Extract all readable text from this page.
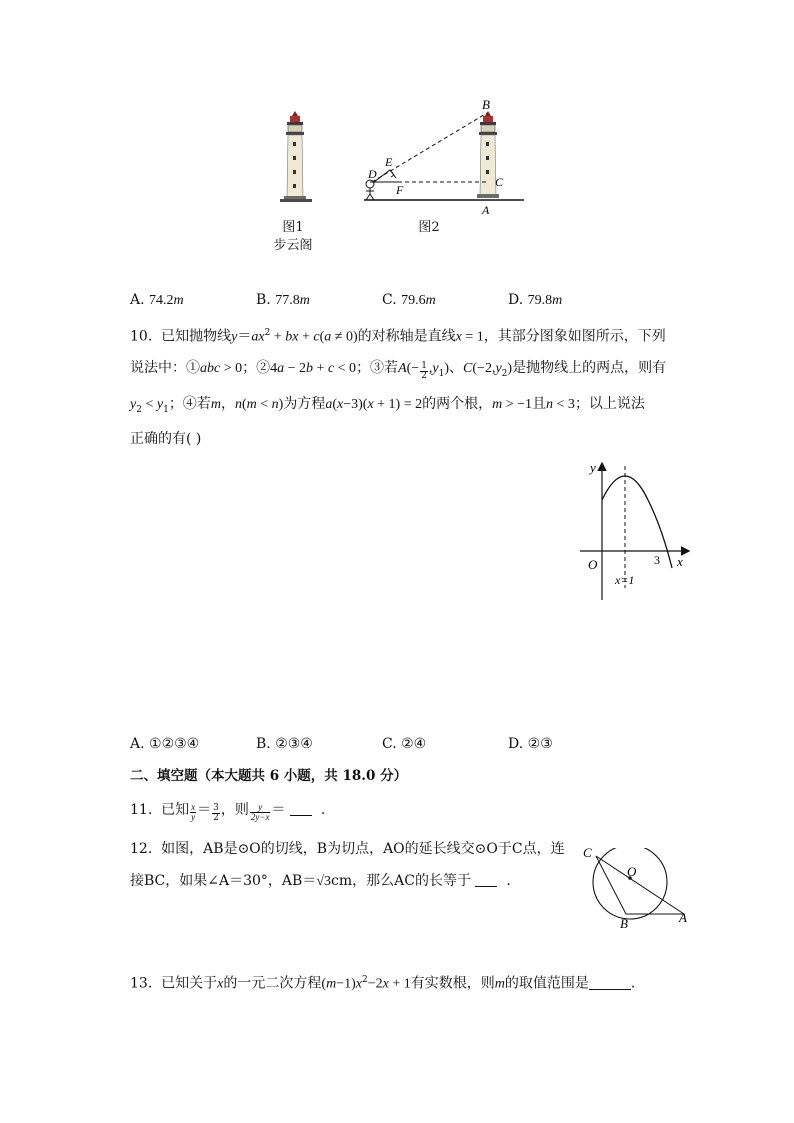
图1
步云阁
B
E
D
F
C
A
图2
A. 74.2m	B. 77.8m	C. 79.6m	D. 79.8m
10. 已知抛物线$y=ax^2$ + bx + c(a ≠ 0)的对称轴是直线x = 1，其部分图象如图所示，下列
说法中：①abc > 0；②4a − 2b + c < 0；③若$A(- \frac{1}{2} ,y_1)$、$C(-2,y_2)$是抛物线上的两点，则有
$y_2 < y_1$；④若m，n(m < n)为方程a(x−3)(x + 1) = 2的两个根，m > −1且n < 3；以上说法
正确的有( )
y
O	x
3
x=1
A. ①②③④	B. ②③④	C. ②④	D. ②③
二、填空题（本大题共 6 小题，共 18.0 分）
11. 已知 $\frac{x}{y} = \frac{3}{2}$ ，则 $\frac{y}{2y-x}$ ＝	.
12. 如图，AB是⊙O的切线，B为切点，AO的延长线交⊙O于C点，连
接BC，如果∠A＝30°，AB＝√3cm，那么AC的长等于	.
C
O
B	A
13. 已知关于x的一元二次方程$(m-1)x^2-2x + 1$有实数根，则m的取值范围是	.
